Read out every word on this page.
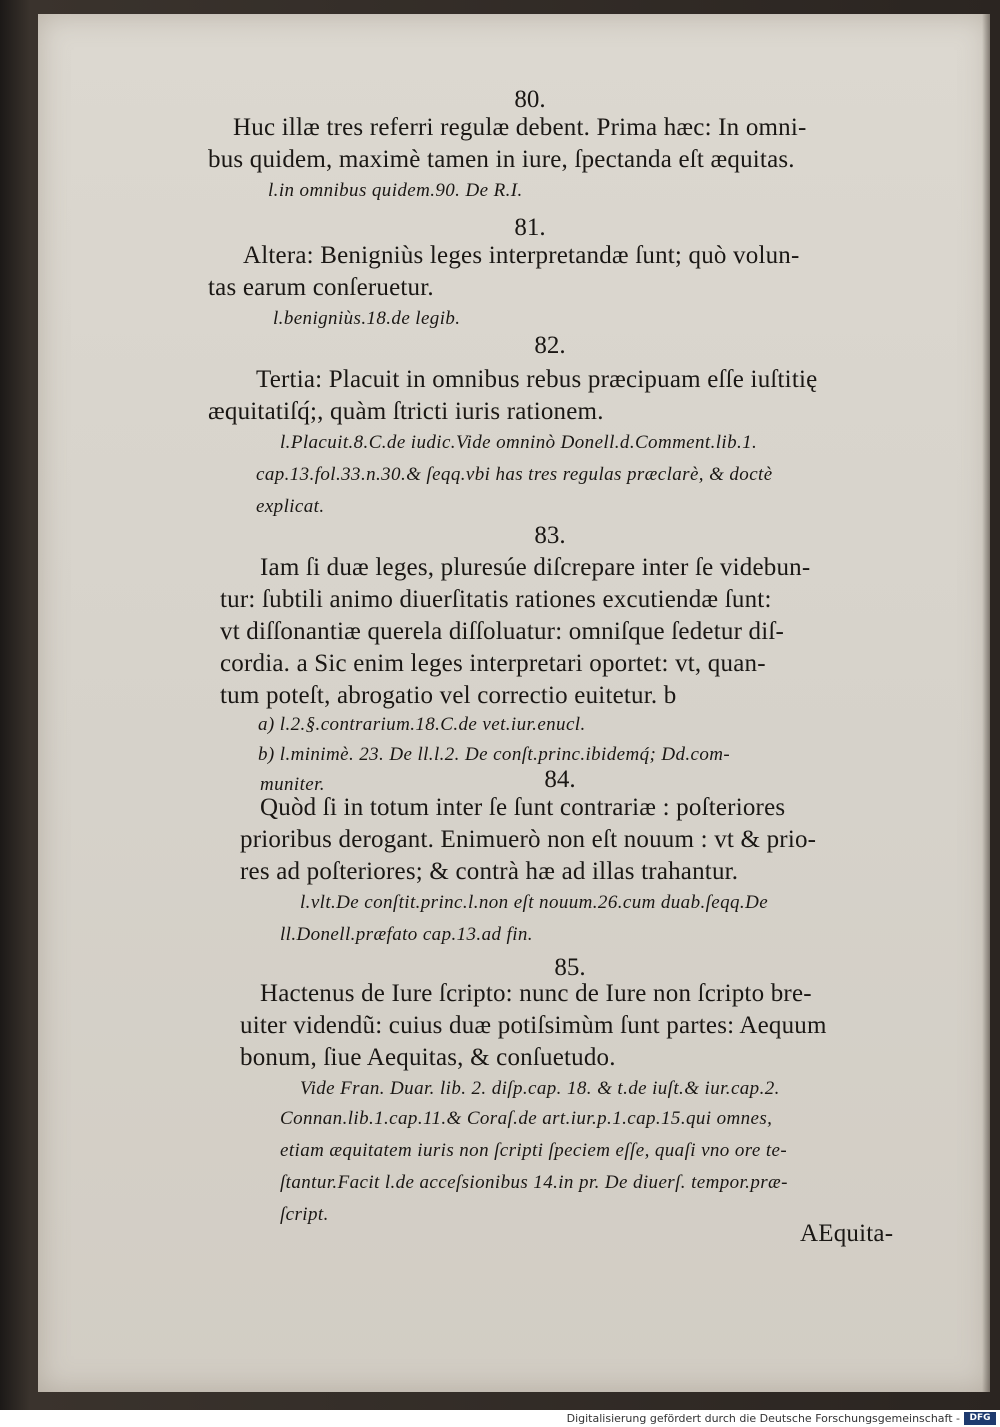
80.
Huc illæ tres referri regulæ debent. Prima hæc: In omni-
bus quidem, maximè tamen in iure, ſpectanda eſt æquitas.
l.in omnibus quidem.90. De R.I.
81.
Altera: Benigniùs leges interpretandæ ſunt; quò volun-
tas earum conſeruetur.
l.benigniùs.18.de legib.
82.
Tertia: Placuit in omnibus rebus præcipuam eſſe iuſtitię
æquitatiſq́;, quàm ſtricti iuris rationem.
l.Placuit.8.C.de iudic.Vide omninò Donell.d.Comment.lib.1.
cap.13.fol.33.n.30.& ſeqq.vbi has tres regulas præclarè, & doctè
explicat.
83.
Iam ſi duæ leges, pluresúe diſcrepare inter ſe videbun-
tur: ſubtili animo diuerſitatis rationes excutiendæ ſunt:
vt diſſonantiæ querela diſſoluatur: omniſque ſedetur diſ-
cordia. a Sic enim leges interpretari oportet: vt, quan-
tum poteſt, abrogatio vel correctio euitetur. b
a) l.2.§.contrarium.18.C.de vet.iur.enucl.
b) l.minimè. 23. De ll.l.2. De conſt.princ.ibidemq́; Dd.com-
muniter.	84.
Quòd ſi in totum inter ſe ſunt contrariæ : poſteriores
prioribus derogant. Enimuerò non eſt nouum : vt & prio-
res ad poſteriores; & contrà hæ ad illas trahantur.
l.vlt.De conſtit.princ.l.non eſt nouum.26.cum duab.ſeqq.De
ll.Donell.præfato cap.13.ad fin.
85.
Hactenus de Iure ſcripto: nunc de Iure non ſcripto bre-
uiter videndũ: cuius duæ potiſsimùm ſunt partes: Aequum
bonum, ſiue Aequitas, & conſuetudo.
Vide Fran. Duar. lib. 2. diſp.cap. 18. & t.de iuſt.& iur.cap.2.
Connan.lib.1.cap.11.& Coraſ.de art.iur.p.1.cap.15.qui omnes,
etiam æquitatem iuris non ſcripti ſpeciem eſſe, quaſi vno ore te-
ſtantur.Facit l.de acceſsionibus 14.in pr. De diuerſ. tempor.præ-
ſcript.
AEquita-
Digitalisierung gefördert durch die Deutsche Forschungsgemeinschaft -	DFG
